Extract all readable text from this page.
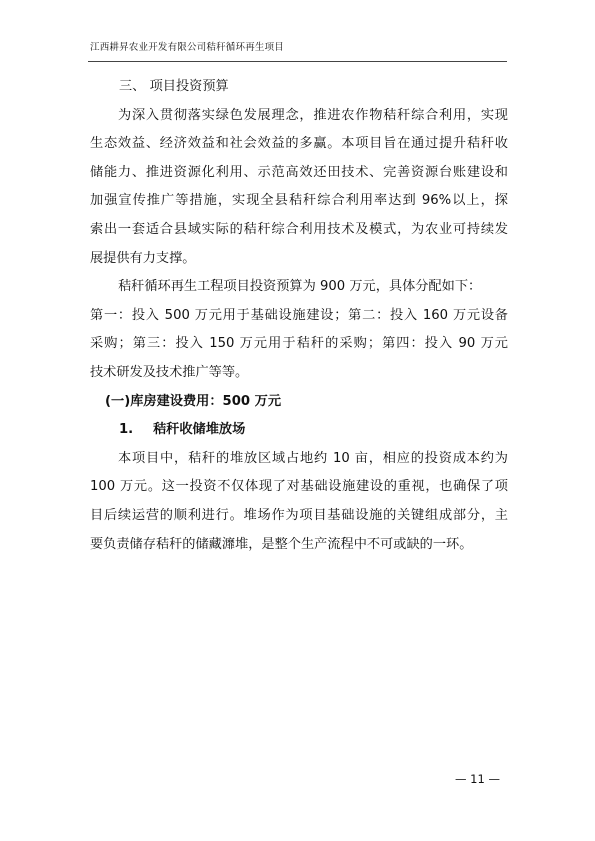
江西耕昇农业开发有限公司秸秆循环再生项目
三、 项目投资预算
为深入贯彻落实绿色发展理念，推进农作物秸秆综合利用，实现
生态效益、经济效益和社会效益的多赢。本项目旨在通过提升秸秆收
储能力、推进资源化利用、示范高效还田技术、完善资源台账建设和
加强宣传推广等措施，实现全县秸秆综合利用率达到 96%以上，探
索出一套适合县域实际的秸秆综合利用技术及模式，为农业可持续发
展提供有力支撑。
秸秆循环再生工程项目投资预算为 900 万元，具体分配如下：
第一：投入 500 万元用于基础设施建设；第二：投入 160 万元设备
采购；第三：投入 150 万元用于秸秆的采购；第四：投入 90 万元
技术研发及技术推广等等。
(一)库房建设费用：500 万元
1. 秸秆收储堆放场
本项目中，秸秆的堆放区域占地约 10 亩，相应的投资成本约为
100 万元。这一投资不仅体现了对基础设施建设的重视，也确保了项
目后续运营的顺利进行。堆场作为项目基础设施的关键组成部分，主
要负责储存秸秆的储藏灖堆，是整个生产流程中不可或缺的一环。
— 11 —
